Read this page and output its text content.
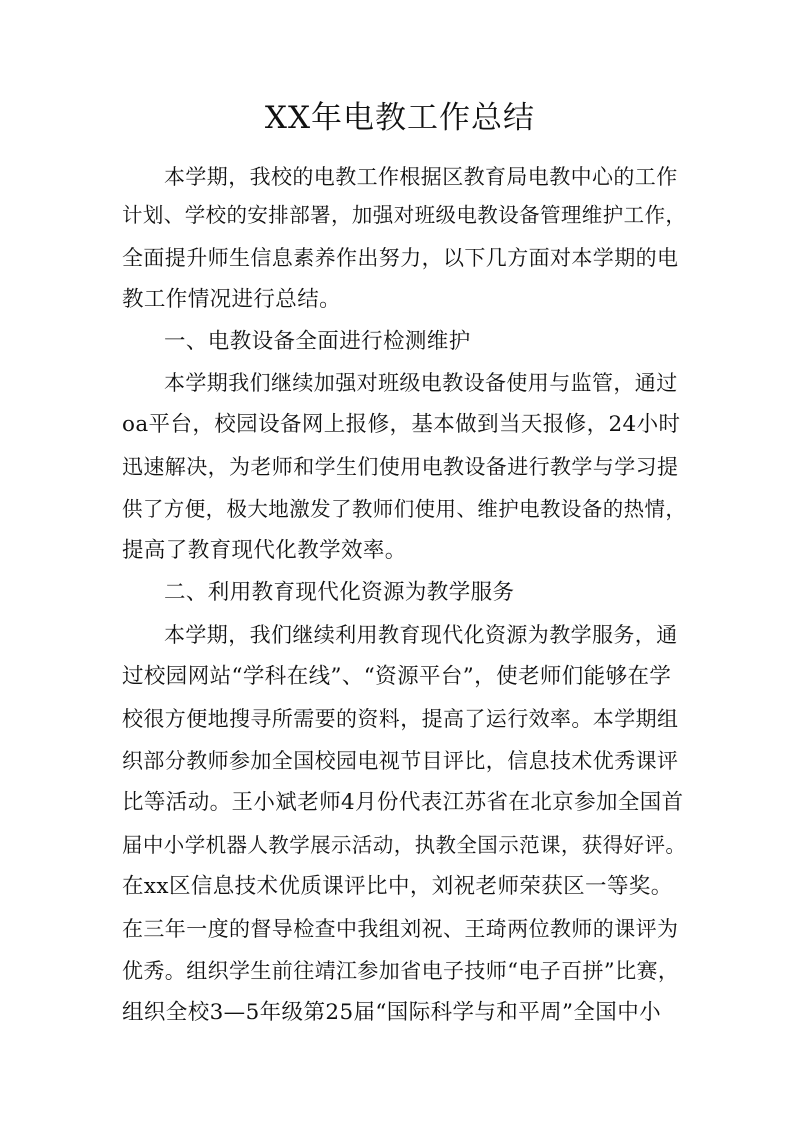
XX年电教工作总结
本学期，我校的电教工作根据区教育局电教中心的工作
计划、学校的安排部署，加强对班级电教设备管理维护工作，
全面提升师生信息素养作出努力，以下几方面对本学期的电
教工作情况进行总结。
一、电教设备全面进行检测维护
本学期我们继续加强对班级电教设备使用与监管，通过
oa平台，校园设备网上报修，基本做到当天报修，24小时
迅速解决，为老师和学生们使用电教设备进行教学与学习提
供了方便，极大地激发了教师们使用、维护电教设备的热情，
提高了教育现代化教学效率。
二、利用教育现代化资源为教学服务
本学期，我们继续利用教育现代化资源为教学服务，通
过校园网站“学科在线”、“资源平台”，使老师们能够在学
校很方便地搜寻所需要的资料，提高了运行效率。本学期组
织部分教师参加全国校园电视节目评比，信息技术优秀课评
比等活动。王小斌老师4月份代表江苏省在北京参加全国首
届中小学机器人教学展示活动，执教全国示范课，获得好评。
在xx区信息技术优质课评比中，刘祝老师荣获区一等奖。
在三年一度的督导检查中我组刘祝、王琦两位教师的课评为
优秀。组织学生前往靖江参加省电子技师“电子百拼”比赛，
组织全校3—5年级第25届“国际科学与和平周”全国中小
